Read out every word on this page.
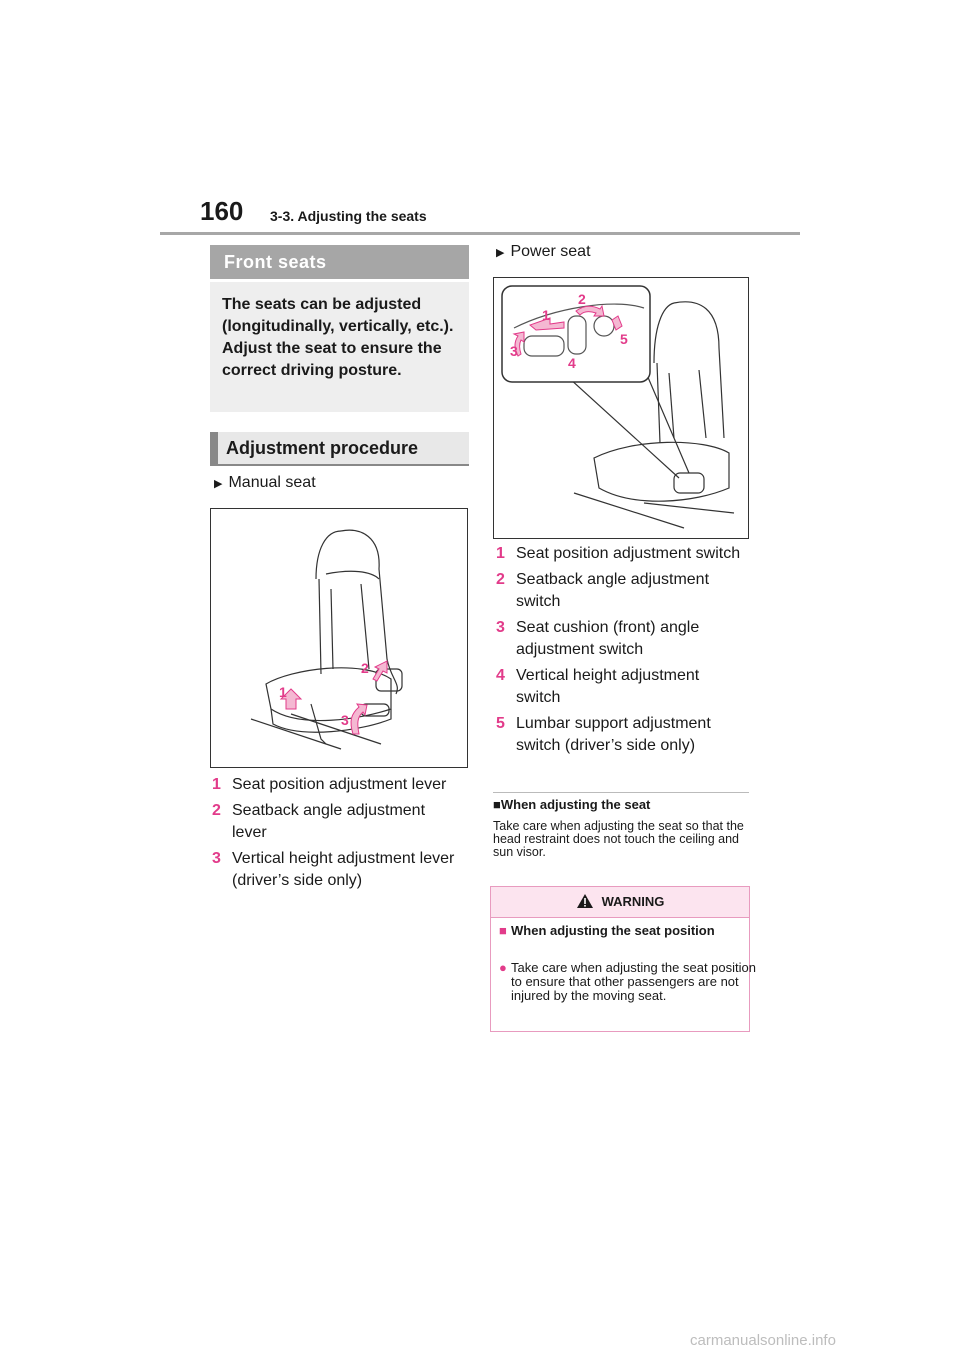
160 3-3. Adjusting the seats
Front seats
The seats can be adjusted (longitudinally, vertically, etc.). Adjust the seat to ensure the correct driving posture.
Adjustment procedure
▶ Manual seat
1
2
3
1 Seat position adjustment lever
2 Seatback angle adjustment lever
3 Vertical height adjustment lever (driver’s side only)
▶ Power seat
1
2
3
4
5
1 Seat position adjustment switch
2 Seatback angle adjustment switch
3 Seat cushion (front) angle adjustment switch
4 Vertical height adjustment switch
5 Lumbar support adjustment switch (driver’s side only)
■When adjusting the seat
Take care when adjusting the seat so that the head restraint does not touch the ceiling and sun visor.
WARNING
■ When adjusting the seat position
● Take care when adjusting the seat position to ensure that other passengers are not injured by the moving seat.
carmanualsonline.info
